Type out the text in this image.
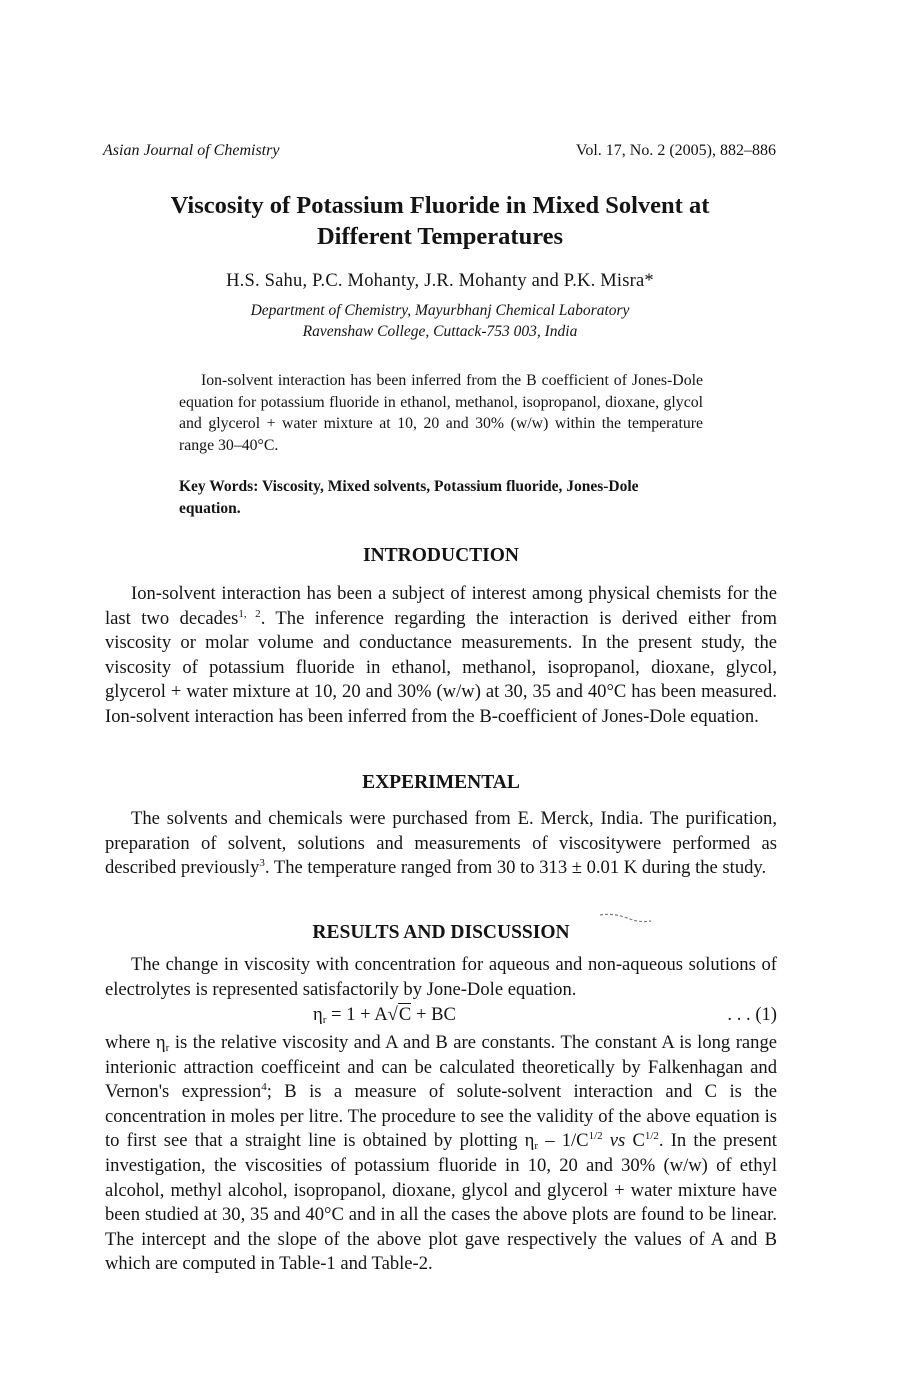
Asian Journal of Chemistry	Vol. 17, No. 2 (2005), 882–886
Viscosity of Potassium Fluoride in Mixed Solvent at
Different Temperatures
H.S. Sahu, P.C. Mohanty, J.R. Mohanty and P.K. Misra*
Department of Chemistry, Mayurbhanj Chemical Laboratory
Ravenshaw College, Cuttack-753 003, India

Ion-solvent interaction has been inferred from the B coefficient of Jones-Dole equation for potassium fluoride in ethanol, methanol, isopropanol, dioxane, glycol and glycerol + water mixture at 10, 20 and 30% (w/w) within the temperature range 30–40°C.

Key Words: Viscosity, Mixed solvents, Potassium fluoride, Jones-Dole equation.

INTRODUCTION

Ion-solvent interaction has been a subject of interest among physical chemists for the last two decades$^{1, 2}$. The inference regarding the interaction is derived either from viscosity or molar volume and conductance measurements. In the present study, the viscosity of potassium fluoride in ethanol, methanol, isopropanol, dioxane, glycol, glycerol + water mixture at 10, 20 and 30% (w/w) at 30, 35 and 40°C has been measured. Ion-solvent interaction has been inferred from the B-coefficient of Jones-Dole equation.

EXPERIMENTAL

The solvents and chemicals were purchased from E. Merck, India. The purification, preparation of solvent, solutions and measurements of viscositywere performed as described previously$^3$. The temperature ranged from 30 to 313 ± 0.01 K during the study.

RESULTS AND DISCUSSION

The change in viscosity with concentration for aqueous and non-aqueous solutions of electrolytes is represented satisfactorily by Jone-Dole equation.

$\eta_r = 1 + A√C$ + BC	. . . (1)

where $\eta_r$ is the relative viscosity and A and B are constants. The constant A is long range interionic attraction coefficeint and can be calculated theoretically by Falkenhagan and Vernon's expression$^4$; B is a measure of solute-solvent interaction and C is the concentration in moles per litre. The procedure to see the validity of the above equation is to first see that a straight line is obtained by plotting $\eta_r - 1/C^{1/2}$ vs $C^{1/2}$. In the present investigation, the viscosities of potassium fluoride in 10, 20 and 30% (w/w) of ethyl alcohol, methyl alcohol, isopropanol, dioxane, glycol and glycerol + water mixture have been studied at 30, 35 and 40°C and in all the cases the above plots are found to be linear. The intercept and the slope of the above plot gave respectively the values of A and B which are computed in Table-1 and Table-2.
